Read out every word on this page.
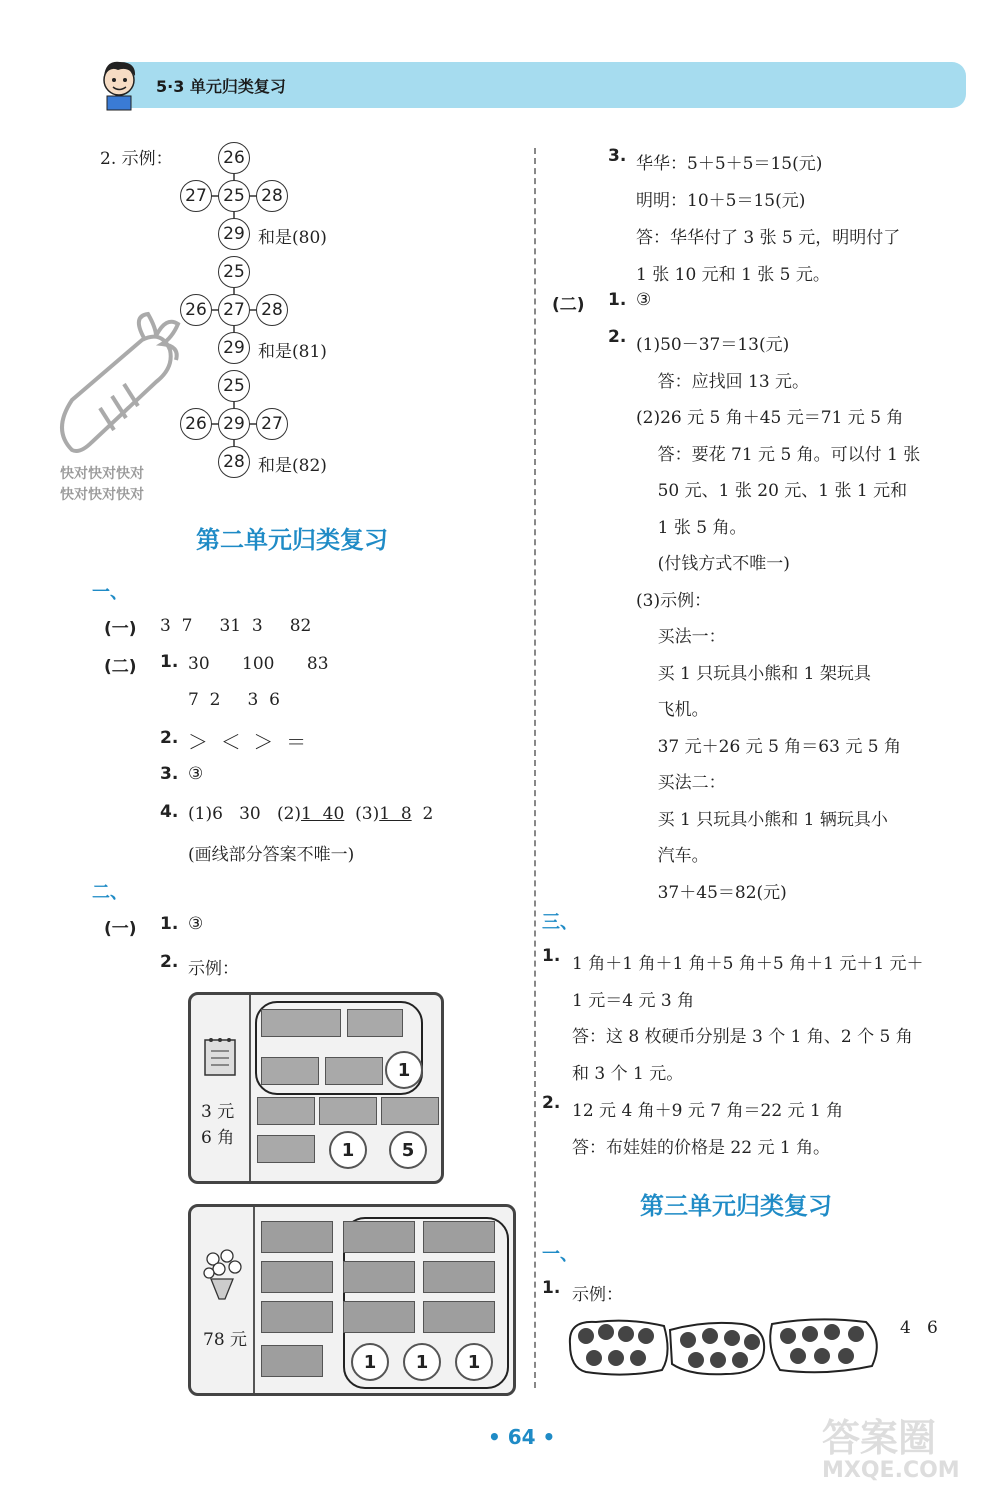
5·3 单元归类复习
2. 示例：	26
27 25 28
29 和是(80)
25
26 27 28
29 和是(81)
25
26 29 27
28 和是(82)
快对快对快对
快对快对快对
第二单元归类复习
一、
(一) 3  7     31  3     82
(二) 1. 30      100      83
7  2     3  6
2. ＞  ＜  ＞  ＝
3. ③
4. (1)6   30   (2)1  40  (3)1  8  2
(画线部分答案不唯一)
二、
(一) 1. ③
2. 示例：
3 元
6 角
1
1	5
78 元
1	1	1
3. 华华：5＋5＋5＝15(元)
明明：10＋5＝15(元)
答：华华付了 3 张 5 元，明明付了
1 张 10 元和 1 张 5 元。
(二) 1. ③
2. (1)50－37＝13(元)
答：应找回 13 元。
(2)26 元 5 角＋45 元＝71 元 5 角
答：要花 71 元 5 角。可以付 1 张
50 元、1 张 20 元、1 张 1 元和
1 张 5 角。
(付钱方式不唯一)
(3)示例：
买法一：
买 1 只玩具小熊和 1 架玩具
飞机。
37 元＋26 元 5 角＝63 元 5 角
买法二：
买 1 只玩具小熊和 1 辆玩具小
汽车。
37＋45＝82(元)
三、
1. 1 角＋1 角＋1 角＋5 角＋5 角＋1 元＋1 元＋
1 元＝4 元 3 角
答：这 8 枚硬币分别是 3 个 1 角、2 个 5 角
和 3 个 1 元。
2. 12 元 4 角＋9 元 7 角＝22 元 1 角
答：布娃娃的价格是 22 元 1 角。
第三单元归类复习
一、
1. 示例：
4   6
• 64 •	答案圈
MXQE.COM
